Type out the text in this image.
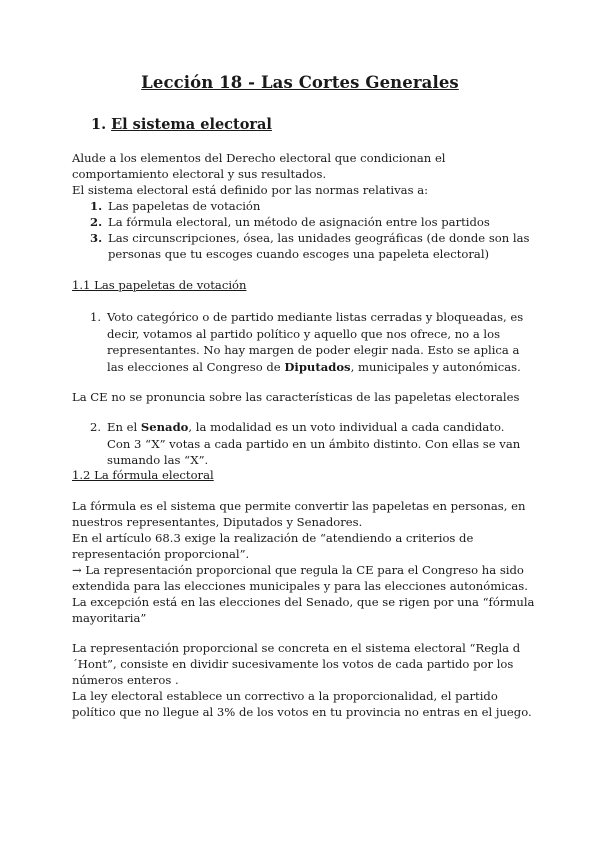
Lección 18 - Las Cortes Generales
1. El sistema electoral

Alude a los elementos del Derecho electoral que condicionan el comportamiento electoral y sus resultados.

El sistema electoral está definido por las normas relativas a:

1. Las papeletas de votación
2. La fórmula electoral, un método de asignación entre los partidos
3. Las circunscripciones, ósea, las unidades geográficas (de donde son las personas que tu escoges cuando escoges una papeleta electoral)
1.1 Las papeletas de votación
1. Voto categórico o de partido mediante listas cerradas y bloqueadas, es decir, votamos al partido político y aquello que nos ofrece, no a los representantes. No hay margen de poder elegir nada. Esto se aplica a las elecciones al Congreso de Diputados, municipales y autonómicas.
La CE no se pronuncia sobre las características de las papeletas electorales
2. En el Senado, la modalidad es un voto individual a cada candidato. Con 3 “X” votas a cada partido en un ámbito distinto. Con ellas se van sumando las “X”.
1.2 La fórmula electoral

La fórmula es el sistema que permite convertir las papeletas en personas, en nuestros representantes, Diputados y Senadores.

En el artículo 68.3 exige la realización de “atendiendo a criterios de representación proporcional”.

→ La representación proporcional que regula la CE para el Congreso ha sido extendida para las elecciones municipales y para las elecciones autonómicas.

La excepción está en las elecciones del Senado, que se rigen por una “fórmula mayoritaria”

La representación proporcional se concreta en el sistema electoral “Regla d´Hont”, consiste en dividir sucesivamente los votos de cada partido por los números enteros .
La ley electoral establece un correctivo a la proporcionalidad, el partido político que no llegue al 3% de los votos en tu provincia no entras en el juego.
